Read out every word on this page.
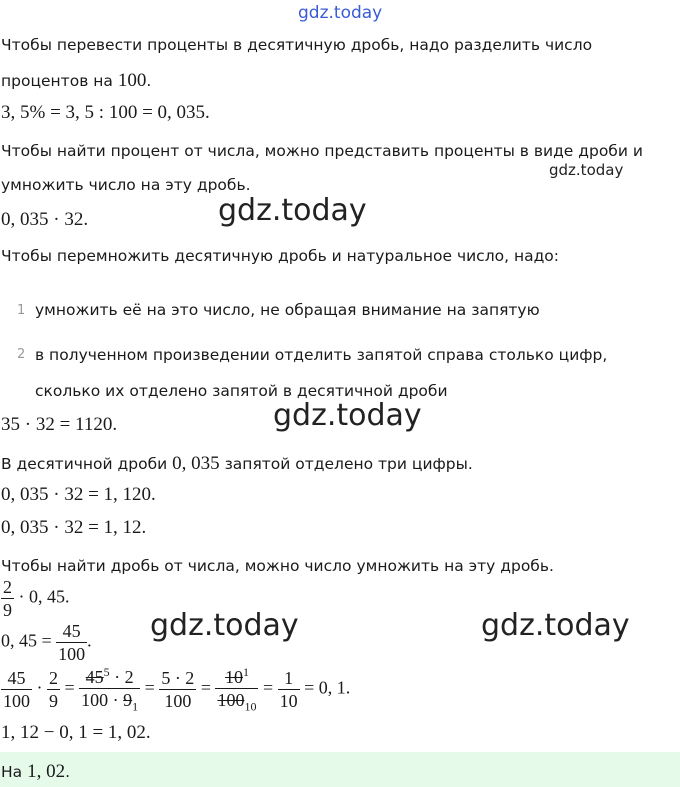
gdz.today
Чтобы перевести проценты в десятичную дробь, надо разделить число
процентов на 100.
3, 5% = 3, 5 : 100 = 0, 035.
Чтобы найти процент от числа, можно представить проценты в виде дроби и
умножить число на эту дробь.
gdz.today
0, 035 · 32.	gdz.today
Чтобы перемножить десятичную дробь и натуральное число, надо:
1 умножить её на это число, не обращая внимание на запятую
2 в полученном произведении отделить запятой справа столько цифр,
сколько их отделено запятой в десятичной дроби
35 · 32 = 1120.	gdz.today
В десятичной дроби 0, 035 запятой отделено три цифры.
0, 035 · 32 = 1, 120.
0, 035 · 32 = 1, 12.
Чтобы найти дробь от числа, можно число умножить на эту дробь.
$\frac{2}{9} \cdot 0$, 45.
0, $45 = \frac{45}{100}$ . gdz.today	gdz.today
$\frac{45}{100} \cdot \frac{2}{9} = \frac{45^5 \cdot 2}{100 \cdot 9_1} = \frac{5 \cdot 2}{100} = \frac{10^1}{100_{10}} = \frac{1}{10} = 0$, 1.
1, 12 − 0, 1 = 1, 02.
На 1, 02.
